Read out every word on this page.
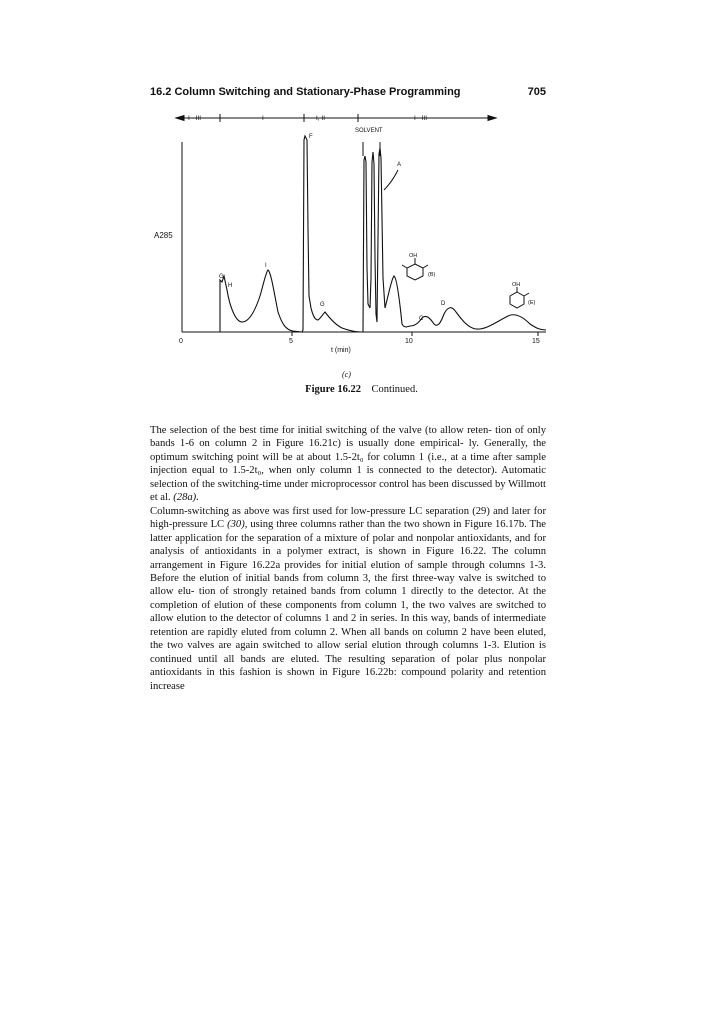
16.2 Column Switching and Stationary-Phase Programming	705
I - III	I	I, II	I - III
SOLVENT
G
H
I
F
G
A
C
D
OH
(B)
OH
(E)
A285
0	5	10	15
t (min)
(c)
Figure 16.22 Continued.

The selection of the best time for initial switching of the valve (to allow reten- tion of only bands 1-6 on column 2 in Figure 16.21c) is usually done empirical- ly. Generally, the optimum switching point will be at about 1.5-2t₀ for column 1 (i.e., at a time after sample injection equal to 1.5-2t₀, when only column 1 is connected to the detector). Automatic selection of the switching-time under microprocessor control has been discussed by Willmott et al. (28a).

Column-switching as above was first used for low-pressure LC separation (29) and later for high-pressure LC (30), using three columns rather than the two shown in Figure 16.17b. The latter application for the separation of a mixture of polar and nonpolar antioxidants, and for analysis of antioxidants in a polymer extract, is shown in Figure 16.22. The column arrangement in Figure 16.22a provides for initial elution of sample through columns 1-3. Before the elution of initial bands from column 3, the first three-way valve is switched to allow elu- tion of strongly retained bands from column 1 directly to the detector. At the completion of elution of these components from column 1, the two valves are switched to allow elution to the detector of columns 1 and 2 in series. In this way, bands of intermediate retention are rapidly eluted from column 2. When all bands on column 2 have been eluted, the two valves are again switched to allow serial elution through columns 1-3. Elution is continued until all bands are eluted. The resulting separation of polar plus nonpolar antioxidants in this fashion is shown in Figure 16.22b: compound polarity and retention increase
